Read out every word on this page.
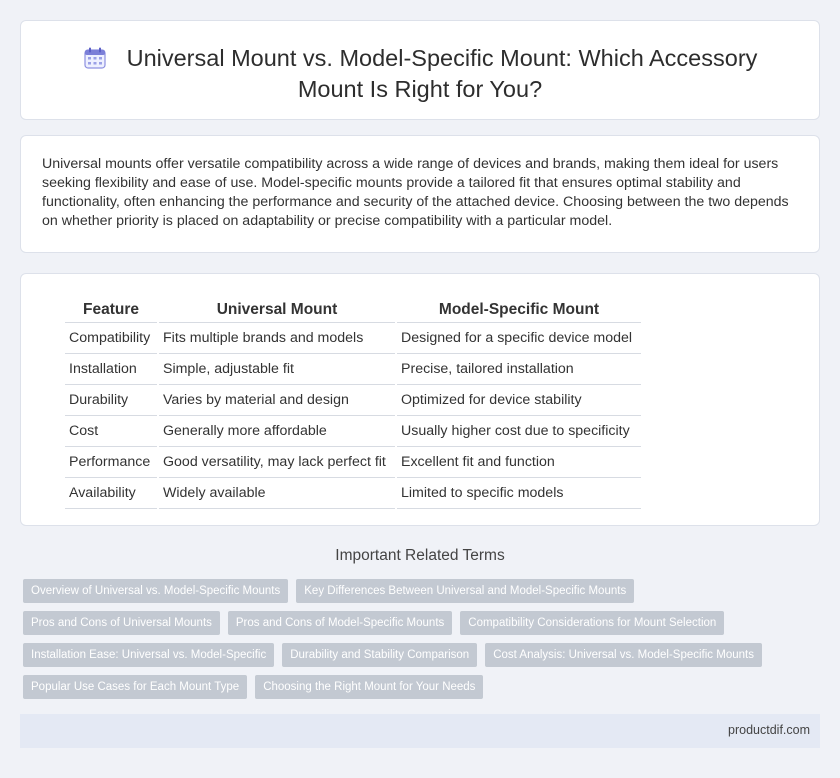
Universal Mount vs. Model-Specific Mount: Which Accessory
Mount Is Right for You?

Universal mounts offer versatile compatibility across a wide range of devices and brands, making them ideal for users seeking flexibility and ease of use. Model-specific mounts provide a tailored fit that ensures optimal stability and functionality, often enhancing the performance and security of the attached device. Choosing between the two depends on whether priority is placed on adaptability or precise compatibility with a particular model.

Feature	Universal Mount	Model-Specific Mount
Compatibility	Fits multiple brands and models	Designed for a specific device model
Installation	Simple, adjustable fit	Precise, tailored installation
Durability	Varies by material and design	Optimized for device stability
Cost	Generally more affordable	Usually higher cost due to specificity
Performance	Good versatility, may lack perfect fit	Excellent fit and function
Availability	Widely available	Limited to specific models
Important Related Terms
Overview of Universal vs. Model-Specific Mounts	Key Differences Between Universal and Model-Specific Mounts
Pros and Cons of Universal Mounts	Pros and Cons of Model-Specific Mounts	Compatibility Considerations for Mount Selection
Installation Ease: Universal vs. Model-Specific	Durability and Stability Comparison	Cost Analysis: Universal vs. Model-Specific Mounts
Popular Use Cases for Each Mount Type	Choosing the Right Mount for Your Needs
productdif.com
